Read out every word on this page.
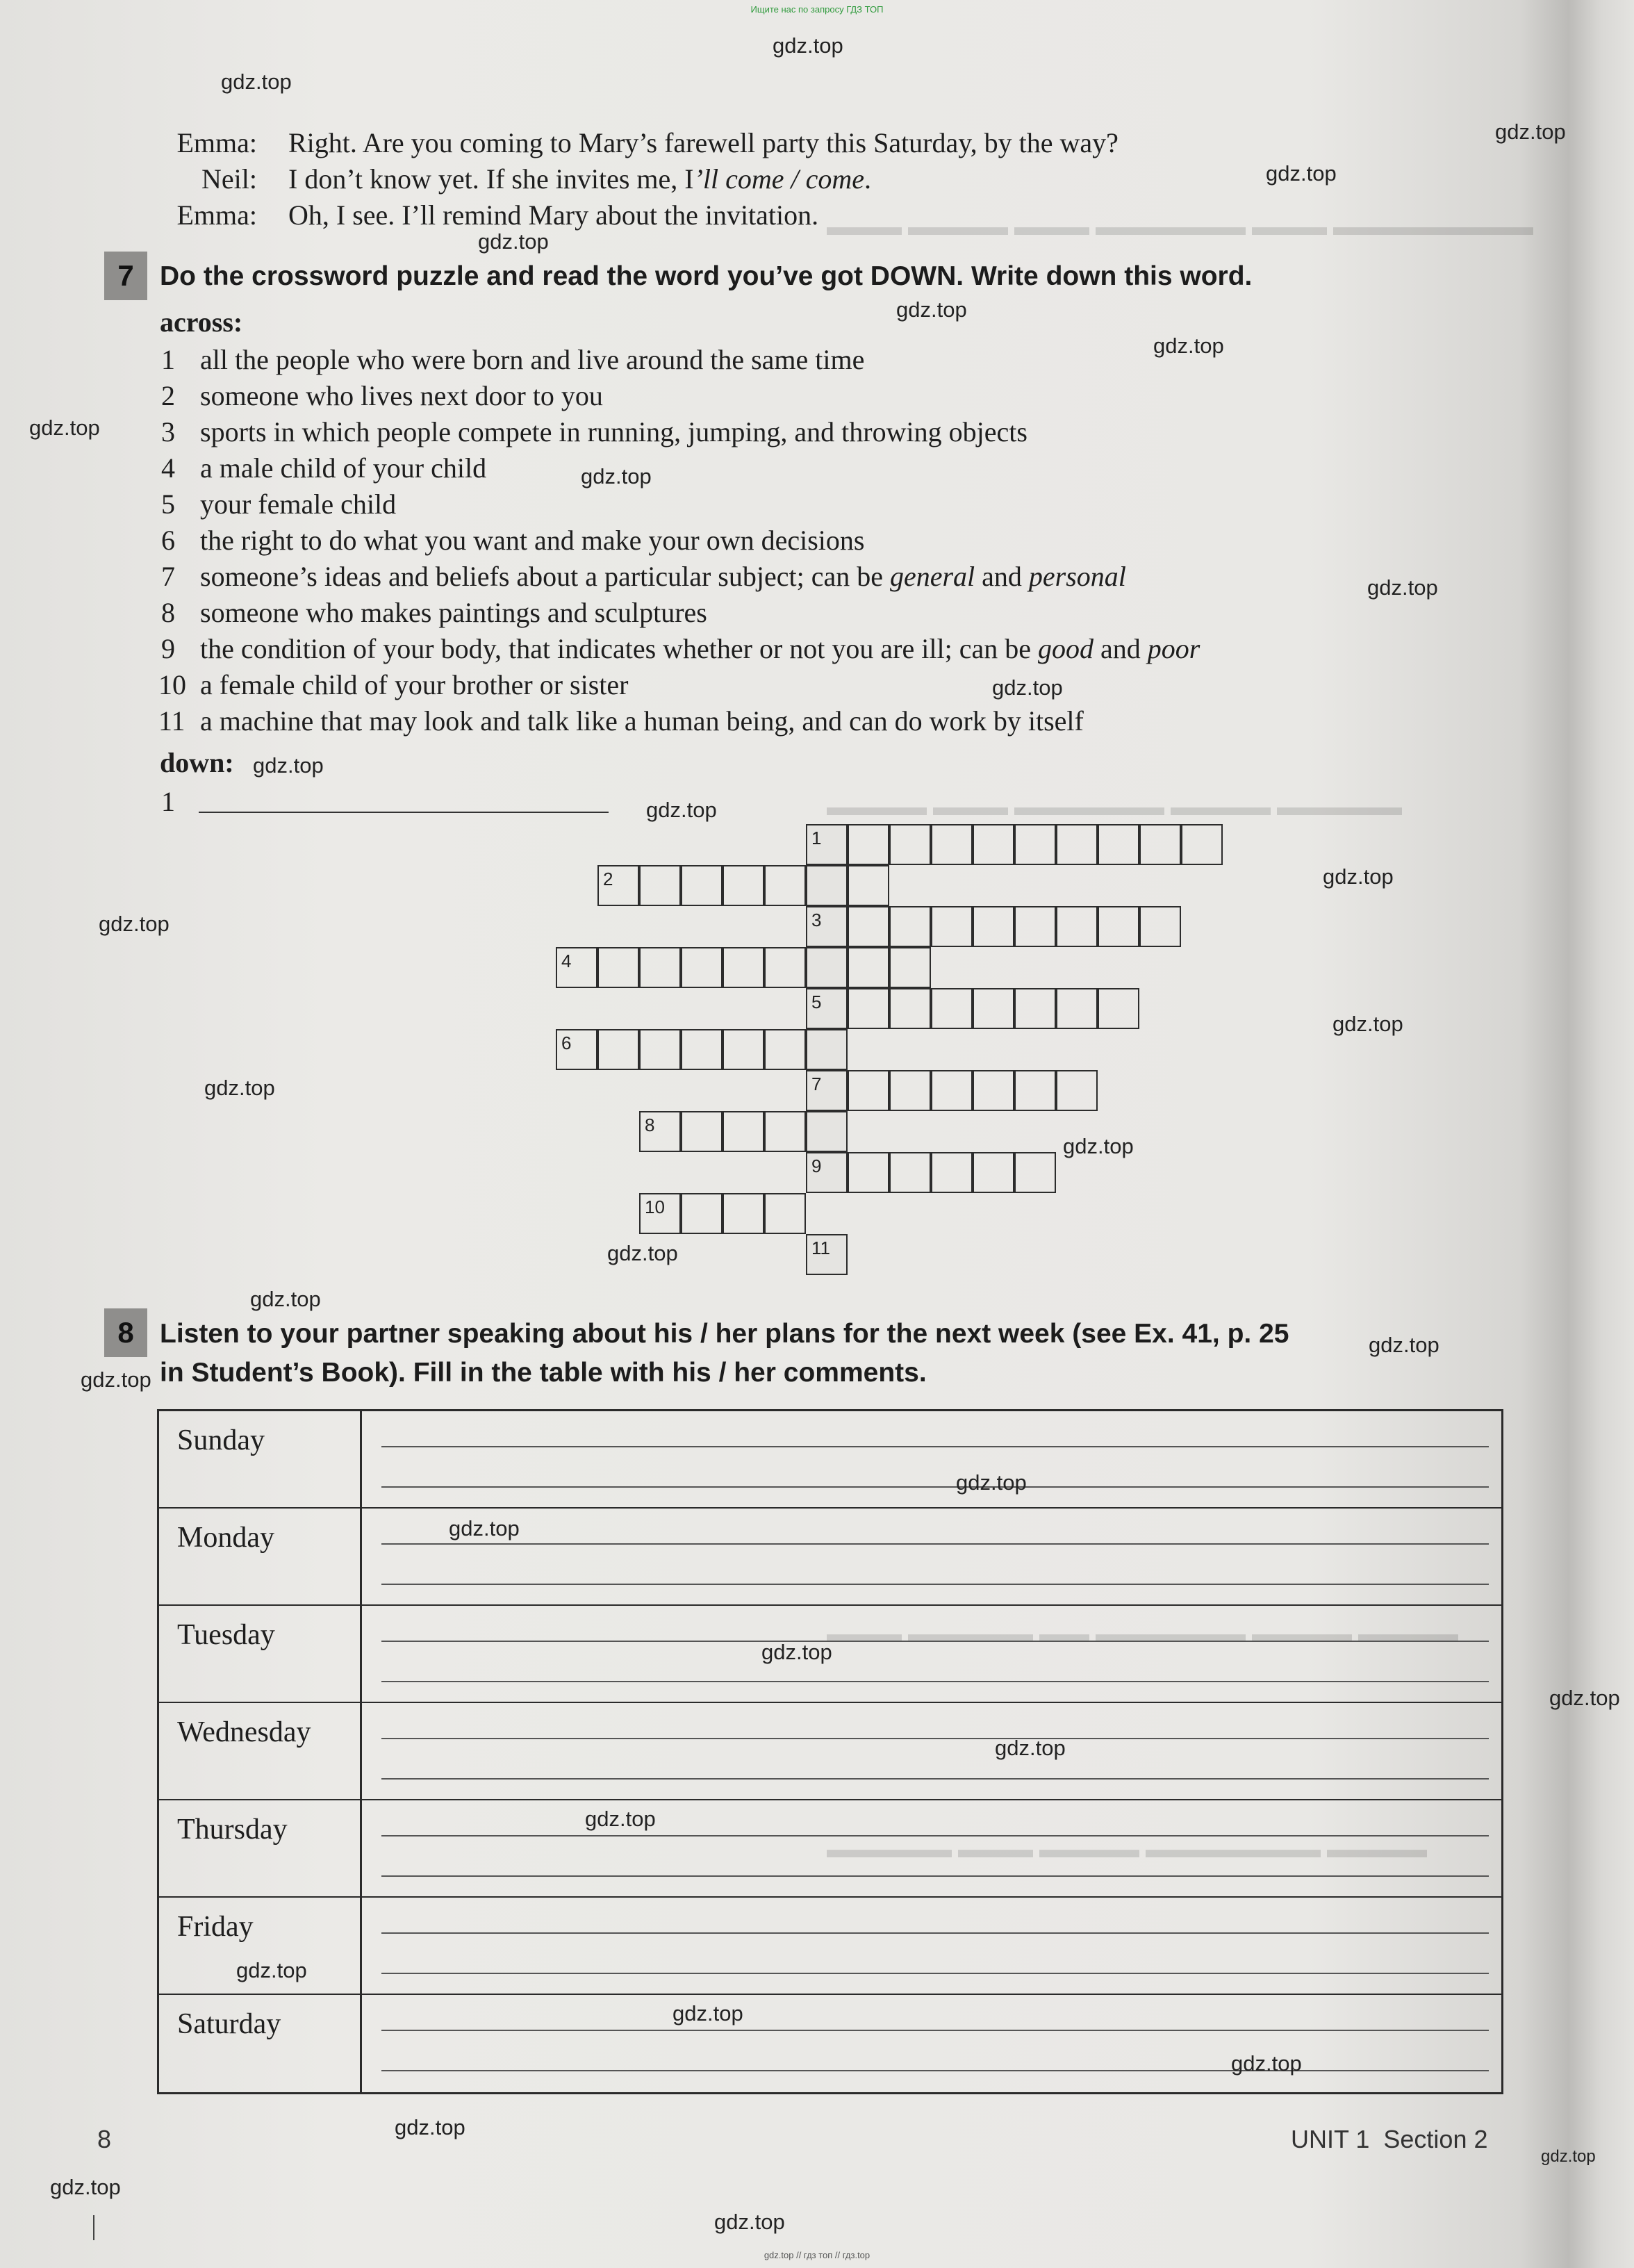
Ищите нас по запросу ГДЗ ТОП
▬▬▬ ▬▬▬▬ ▬▬▬ ▬▬▬▬▬▬ ▬▬▬ ▬▬▬▬▬▬▬▬
▬▬▬▬ ▬▬▬ ▬▬▬▬▬▬ ▬▬▬▬ ▬▬▬▬▬
▬▬▬ ▬▬▬▬▬ ▬▬ ▬▬▬▬▬▬ ▬▬▬▬ ▬▬▬▬
▬▬▬▬▬ ▬▬▬ ▬▬▬▬ ▬▬▬▬▬▬▬ ▬▬▬▬
Emma: Right. Are you coming to Mary’s farewell party this Saturday, by the way?
Neil: I don’t know yet. If she invites me, I’ll come / come.
Emma: Oh, I see. I’ll remind Mary about the invitation.
7 Do the crossword puzzle and read the word you’ve got DOWN. Write down this word.
across:
1 all the people who were born and live around the same time
2 someone who lives next door to you
3 sports in which people compete in running, jumping, and throwing objects
4 a male child of your child
5 your female child
6 the right to do what you want and make your own decisions
7 someone’s ideas and beliefs about a particular subject; can be general and personal
8 someone who makes paintings and sculptures
9 the condition of your body, that indicates whether or not you are ill; can be good and poor
10 a female child of your brother or sister
11 a machine that may look and talk like a human being, and can do work by itself
down:
1
1
2
3
4
5
6
7
8
9
10
11
8 Listen to your partner speaking about his / her plans for the next week (see Ex. 41, p. 25
in Student’s Book). Fill in the table with his / her comments.
Sunday
Monday
Tuesday
Wednesday
Thursday
Friday
Saturday
8	UNIT 1 Section 2
gdz.top
gdz.top
gdz.top
gdz.top
gdz.top
gdz.top
gdz.top
gdz.top
gdz.top
gdz.top
gdz.top
gdz.top
gdz.top
gdz.top
gdz.top
gdz.top
gdz.top
gdz.top
gdz.top
gdz.top
gdz.top
gdz.top
gdz.top
gdz.top
gdz.top
gdz.top
gdz.top
gdz.top
gdz.top
gdz.top
gdz.top
gdz.top
gdz.top
gdz.top
gdz.top
gdz.top // гдз топ // гдз.top
